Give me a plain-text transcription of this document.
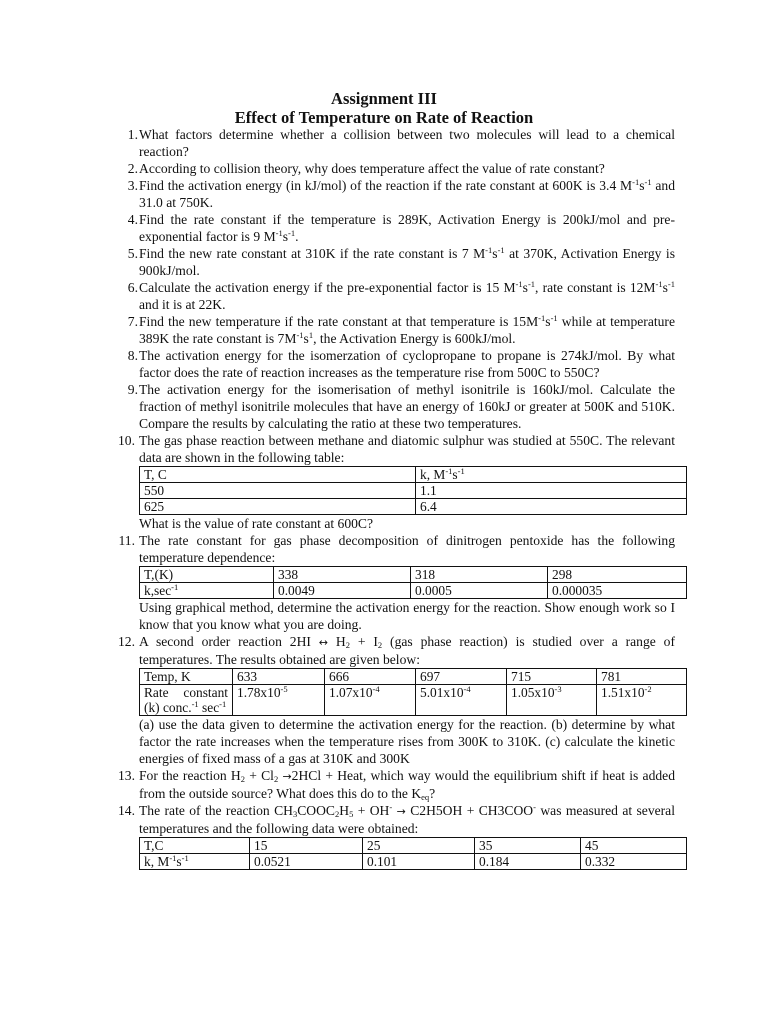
Assignment III
Effect of Temperature on Rate of Reaction
1. What factors determine whether a collision between two molecules will lead to a chemical reaction?

2. According to collision theory, why does temperature affect the value of rate constant?

3. Find the activation energy (in kJ/mol) of the reaction if the rate constant at 600K is 3.4 $M^{-1}s^{-1}$ and 31.0 at 750K.

4. Find the rate constant if the temperature is 289K, Activation Energy is 200kJ/mol and pre-exponential factor is 9 $M^{-1}s^{-1}$.

5. Find the new rate constant at 310K if the rate constant is 7 $M^{-1}s^{-1}$ at 370K, Activation Energy is 900kJ/mol.

6. Calculate the activation energy if the pre-exponential factor is 15 $M^{-1}s^{-1}$, rate constant is $12M^{-1}s^{-1}$ and it is at 22K.

7. Find the new temperature if the rate constant at that temperature is $15M^{-1}s^{-1}$ while at temperature 389K the rate constant is $7M^{-1}s^1$, the Activation Energy is 600kJ/mol.

8. The activation energy for the isomerzation of cyclopropane to propane is 274kJ/mol. By what factor does the rate of reaction increases as the temperature rise from 500C to 550C?

9. The activation energy for the isomerisation of methyl isonitrile is 160kJ/mol. Calculate the fraction of methyl isonitrile molecules that have an energy of 160kJ or greater at 500K and 510K. Compare the results by calculating the ratio at these two temperatures.

10. The gas phase reaction between methane and diatomic sulphur was studied at 550C. The relevant data are shown in the following table:

T, C	k, $M^{-1}s^{-1}$
550	1.1
625	6.4

What is the value of rate constant at 600C?

11. The rate constant for gas phase decomposition of dinitrogen pentoxide has the following temperature dependence:

T,(K)	338	318	298
$k,\sec^{-1}$	0.0049	0.0005	0.000035

Using graphical method, determine the activation energy for the reaction. Show enough work so I know that you know what you are doing.

12. A second order reaction 2HI ↔ $H_2 + I_2$ (gas phase reaction) is studied over a range of temperatures. The results obtained are given below:

Temp, K	633	666	697	715	781
Rate constant (k) conc.$^{-1}$ $\sec^{-1}$	$1.78x10^{-5}$	$1.07x10^{-4}$	$5.01x10^{-4}$	$1.05x10^{-3}$	$1.51x10^{-2}$

(a) use the data given to determine the activation energy for the reaction. (b) determine by what factor the rate increases when the temperature rises from 300K to 310K. (c) calculate the kinetic energies of fixed mass of a gas at 310K and 300K

13. For the reaction $H_2 + Cl_2 \to 2HCl$ + Heat, which way would the equilibrium shift if heat is added from the outside source? What does this do to the $K_{eq}$?

14. The rate of the reaction $CH_3COOC_2H_5 + OH^- \to C2H5OH + CH3COO^-$ was measured at several temperatures and the following data were obtained:

T,C	15	25	35	45
k, $M^{-1}s^{-1}$	0.0521	0.101	0.184	0.332
